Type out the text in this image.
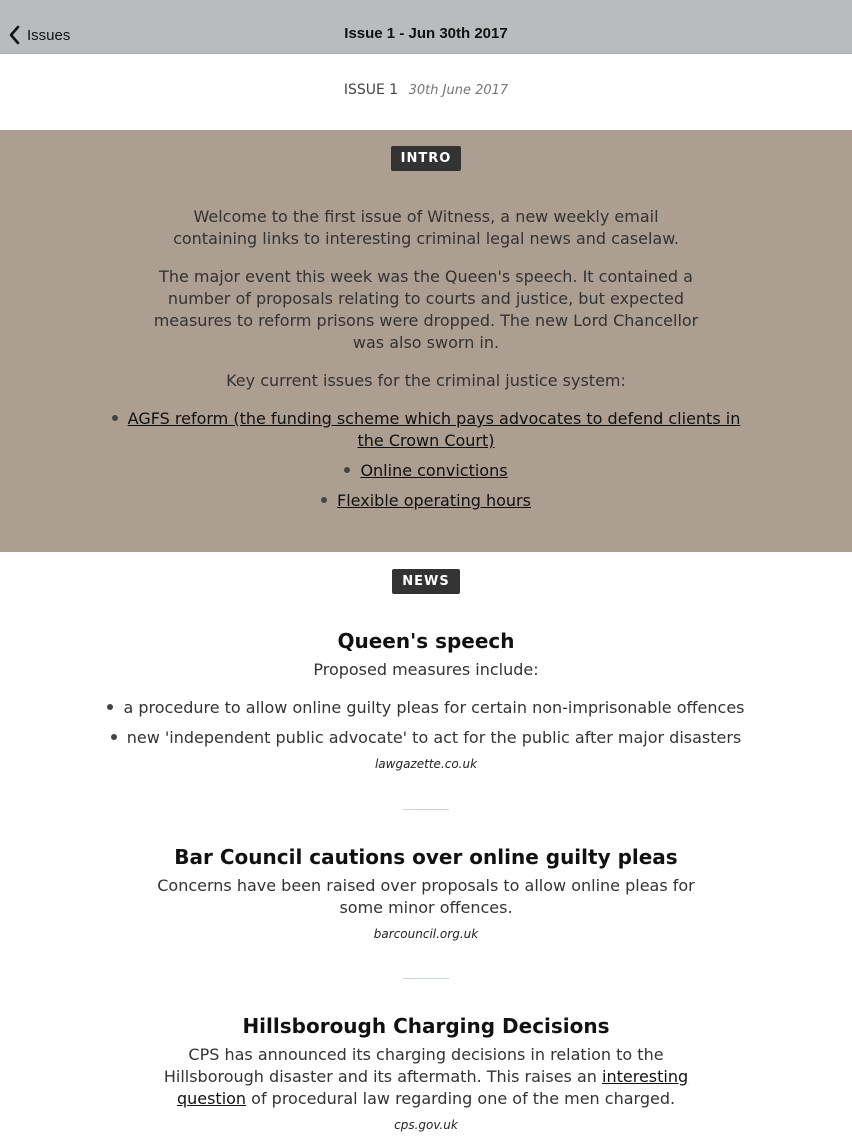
Issues	Issue 1 - Jun 30th 2017
ISSUE 1 30th June 2017
INTRO

Welcome to the first issue of Witness, a new weekly email

containing links to interesting criminal legal news and caselaw.

The major event this week was the Queen's speech. It contained a

number of proposals relating to courts and justice, but expected

measures to reform prisons were dropped. The new Lord Chancellor

was also sworn in.

Key current issues for the criminal justice system:

AGFS reform (the funding scheme which pays advocates to defend clients in

the Crown Court)

Online convictions

Flexible operating hours

NEWS
Queen's speech
Proposed measures include:
a procedure to allow online guilty pleas for certain non-imprisonable offences
new 'independent public advocate' to act for the public after major disasters
lawgazette.co.uk
Bar Council cautions over online guilty pleas
Concerns have been raised over proposals to allow online pleas for
some minor offences.
barcouncil.org.uk
Hillsborough Charging Decisions
CPS has announced its charging decisions in relation to the
Hillsborough disaster and its aftermath. This raises an interesting
question of procedural law regarding one of the men charged.
cps.gov.uk
